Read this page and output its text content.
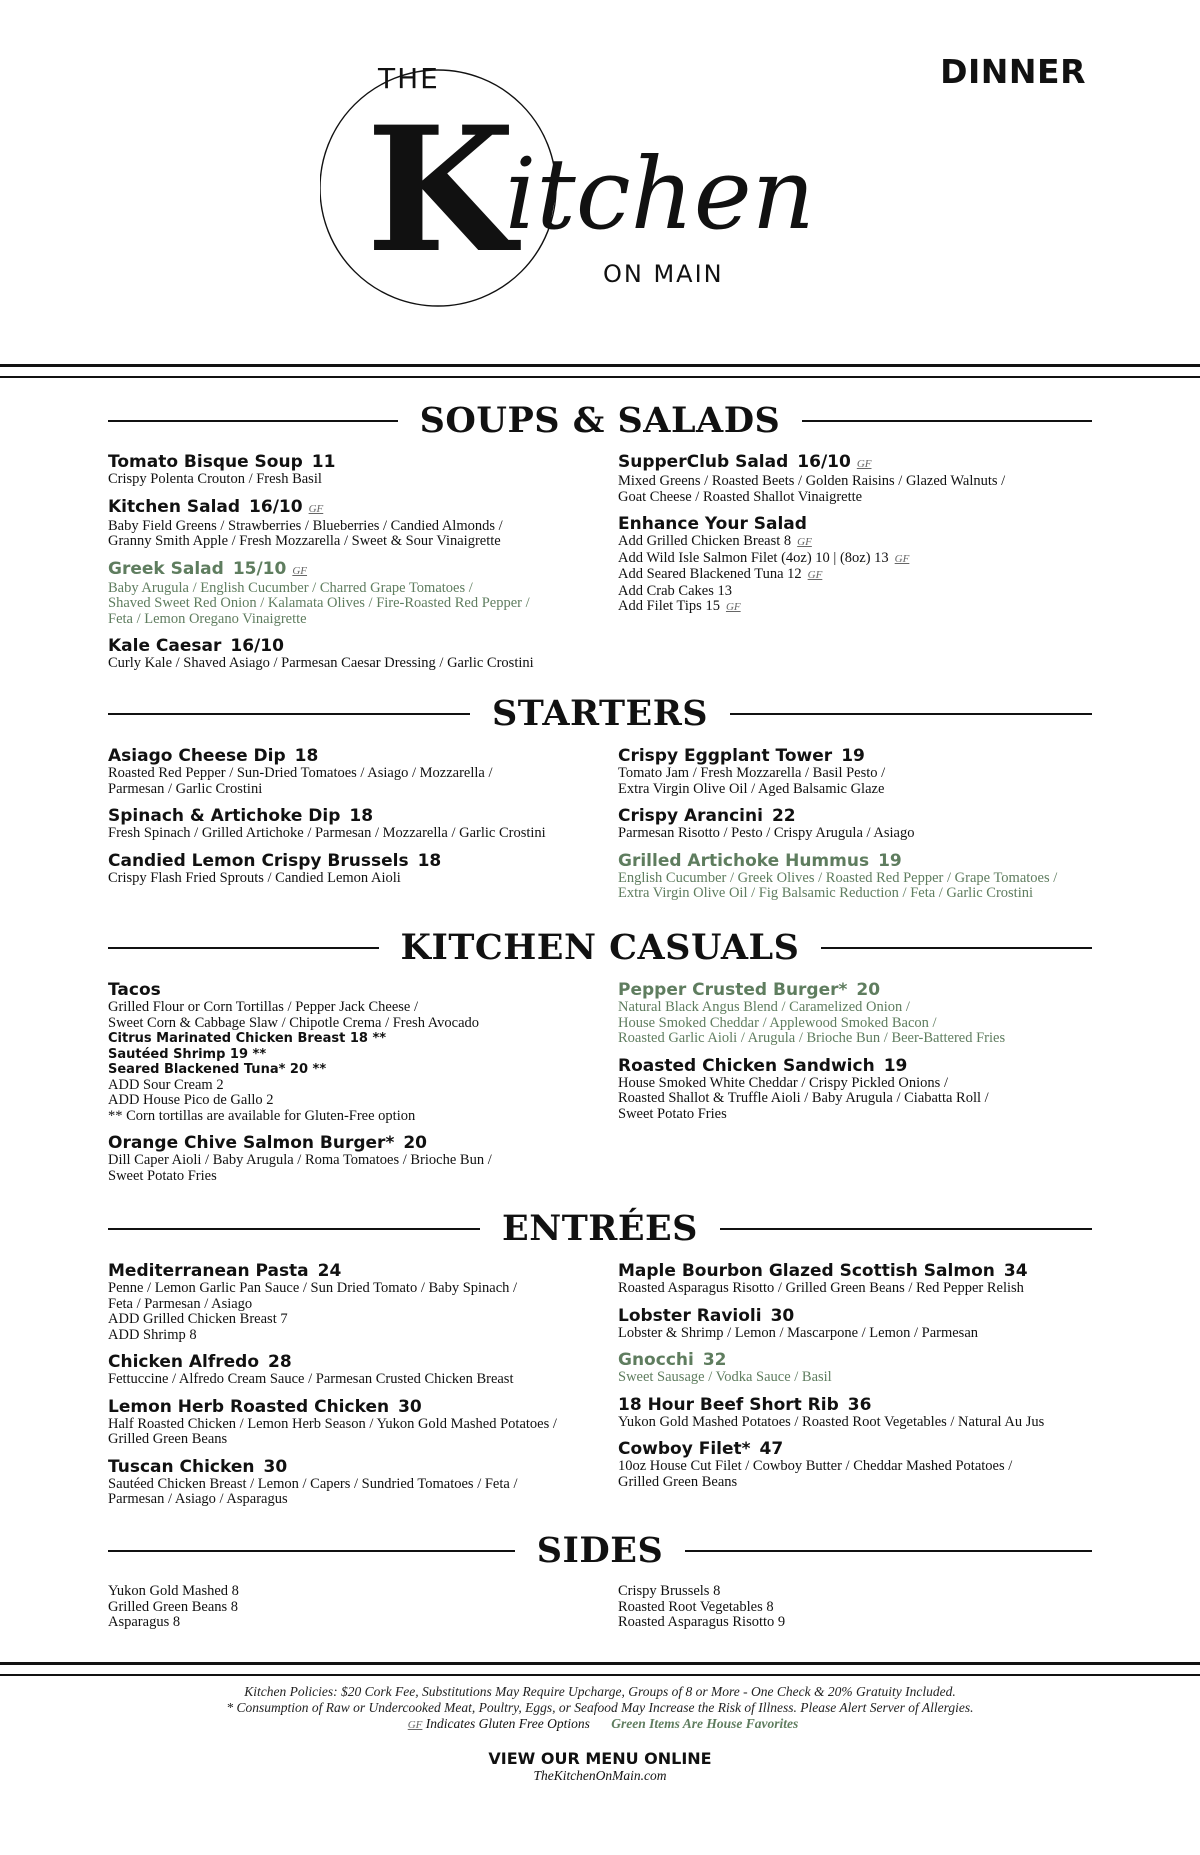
THE
K
itchen
ON MAIN
DINNER
SOUPS & SALADS
Tomato Bisque Soup 11
Crispy Polenta Crouton / Fresh Basil
Kitchen Salad 16/10 GF
Baby Field Greens / Strawberries / Blueberries / Candied Almonds /
Granny Smith Apple / Fresh Mozzarella / Sweet & Sour Vinaigrette
Greek Salad 15/10 GF
Baby Arugula / English Cucumber / Charred Grape Tomatoes /
Shaved Sweet Red Onion / Kalamata Olives / Fire-Roasted Red Pepper /
Feta / Lemon Oregano Vinaigrette
Kale Caesar 16/10
Curly Kale / Shaved Asiago / Parmesan Caesar Dressing / Garlic Crostini
SupperClub Salad 16/10 GF
Mixed Greens / Roasted Beets / Golden Raisins / Glazed Walnuts /
Goat Cheese / Roasted Shallot Vinaigrette
Enhance Your Salad
Add Grilled Chicken Breast 8 GF
Add Wild Isle Salmon Filet (4oz) 10 | (8oz) 13 GF
Add Seared Blackened Tuna 12 GF
Add Crab Cakes 13
Add Filet Tips 15 GF
STARTERS
Asiago Cheese Dip 18
Roasted Red Pepper / Sun-Dried Tomatoes / Asiago / Mozzarella /
Parmesan / Garlic Crostini
Spinach & Artichoke Dip 18
Fresh Spinach / Grilled Artichoke / Parmesan / Mozzarella / Garlic Crostini
Candied Lemon Crispy Brussels 18
Crispy Flash Fried Sprouts / Candied Lemon Aioli
Crispy Eggplant Tower 19
Tomato Jam / Fresh Mozzarella / Basil Pesto /
Extra Virgin Olive Oil / Aged Balsamic Glaze
Crispy Arancini 22
Parmesan Risotto / Pesto / Crispy Arugula / Asiago
Grilled Artichoke Hummus 19
English Cucumber / Greek Olives / Roasted Red Pepper / Grape Tomatoes /
Extra Virgin Olive Oil / Fig Balsamic Reduction / Feta / Garlic Crostini
KITCHEN CASUALS
Tacos
Grilled Flour or Corn Tortillas / Pepper Jack Cheese /
Sweet Corn & Cabbage Slaw / Chipotle Crema / Fresh Avocado
Citrus Marinated Chicken Breast 18 **
Sautéed Shrimp 19 **
Seared Blackened Tuna* 20 **
ADD Sour Cream 2
ADD House Pico de Gallo 2
** Corn tortillas are available for Gluten-Free option
Orange Chive Salmon Burger* 20
Dill Caper Aioli / Baby Arugula / Roma Tomatoes / Brioche Bun /
Sweet Potato Fries
Pepper Crusted Burger* 20
Natural Black Angus Blend / Caramelized Onion /
House Smoked Cheddar / Applewood Smoked Bacon /
Roasted Garlic Aioli / Arugula / Brioche Bun / Beer-Battered Fries
Roasted Chicken Sandwich 19
House Smoked White Cheddar / Crispy Pickled Onions /
Roasted Shallot & Truffle Aioli / Baby Arugula / Ciabatta Roll /
Sweet Potato Fries
ENTRÉES
Mediterranean Pasta 24
Penne / Lemon Garlic Pan Sauce / Sun Dried Tomato / Baby Spinach /
Feta / Parmesan / Asiago
ADD Grilled Chicken Breast 7
ADD Shrimp 8
Chicken Alfredo 28
Fettuccine / Alfredo Cream Sauce / Parmesan Crusted Chicken Breast
Lemon Herb Roasted Chicken 30
Half Roasted Chicken / Lemon Herb Season / Yukon Gold Mashed Potatoes /
Grilled Green Beans
Tuscan Chicken 30
Sautéed Chicken Breast / Lemon / Capers / Sundried Tomatoes / Feta /
Parmesan / Asiago / Asparagus
Maple Bourbon Glazed Scottish Salmon 34
Roasted Asparagus Risotto / Grilled Green Beans / Red Pepper Relish
Lobster Ravioli 30
Lobster & Shrimp / Lemon / Mascarpone / Lemon / Parmesan
Gnocchi 32
Sweet Sausage / Vodka Sauce / Basil
18 Hour Beef Short Rib 36
Yukon Gold Mashed Potatoes / Roasted Root Vegetables / Natural Au Jus
Cowboy Filet* 47
10oz House Cut Filet / Cowboy Butter / Cheddar Mashed Potatoes /
Grilled Green Beans
SIDES
Yukon Gold Mashed 8
Grilled Green Beans 8
Asparagus 8
Crispy Brussels 8
Roasted Root Vegetables 8
Roasted Asparagus Risotto 9
Kitchen Policies: $20 Cork Fee, Substitutions May Require Upcharge, Groups of 8 or More - One Check & 20% Gratuity Included.
* Consumption of Raw or Undercooked Meat, Poultry, Eggs, or Seafood May Increase the Risk of Illness. Please Alert Server of Allergies.
GF Indicates Gluten Free Options Green Items Are House Favorites
VIEW OUR MENU ONLINE
TheKitchenOnMain.com
